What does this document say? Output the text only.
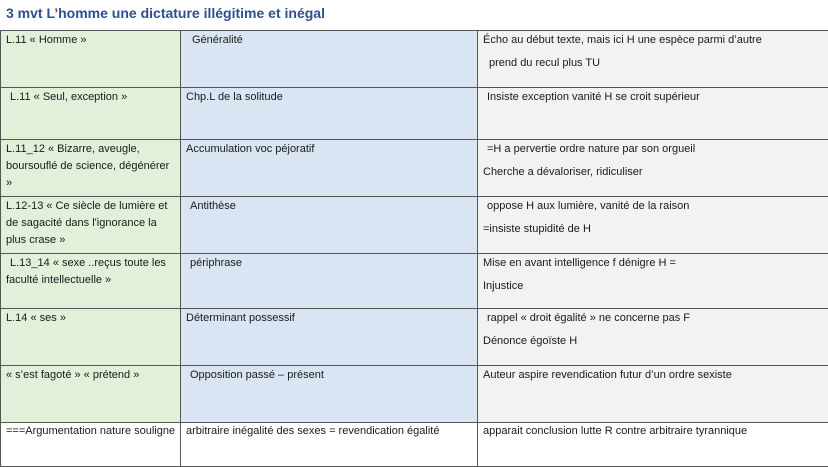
3 mvt L’homme une dictature illégitime et inégal
L.11 « Homme »	Généralité	Écho au début texte, mais ici H une espèce parmi d’autre
prend du recul plus TU

L.11 « Seul, exception »	Chp.L de la solitude	Insiste exception vanité H se croit supérieur

L.11_12 « Bizarre, aveugle, boursouflé de science, dégénérer »	Accumulation voc péjoratif	=H a pervertie ordre nature par son orgueil
Cherche a dévaloriser, ridiculiser

L.12-13 « Ce siècle de lumière et de sagacité dans l'ignorance la plus crase »	Antithèse	oppose H aux lumière, vanité de la raison
=insiste stupidité de H

L.13_14 « sexe ..reçus toute les faculté intellectuelle »	périphrase	Mise en avant intelligence f dénigre H =
Injustice

L.14 « ses »	Déterminant possessif	rappel « droit égalité » ne concerne pas F
Dénonce égoïste H

« s’est fagoté » « prétend »	Opposition passé – présent	Auteur aspire revendication futur d’un ordre sexiste

===Argumentation nature souligne	arbitraire inégalité des sexes = revendication égalité	apparait conclusion lutte R contre arbitraire tyrannique
